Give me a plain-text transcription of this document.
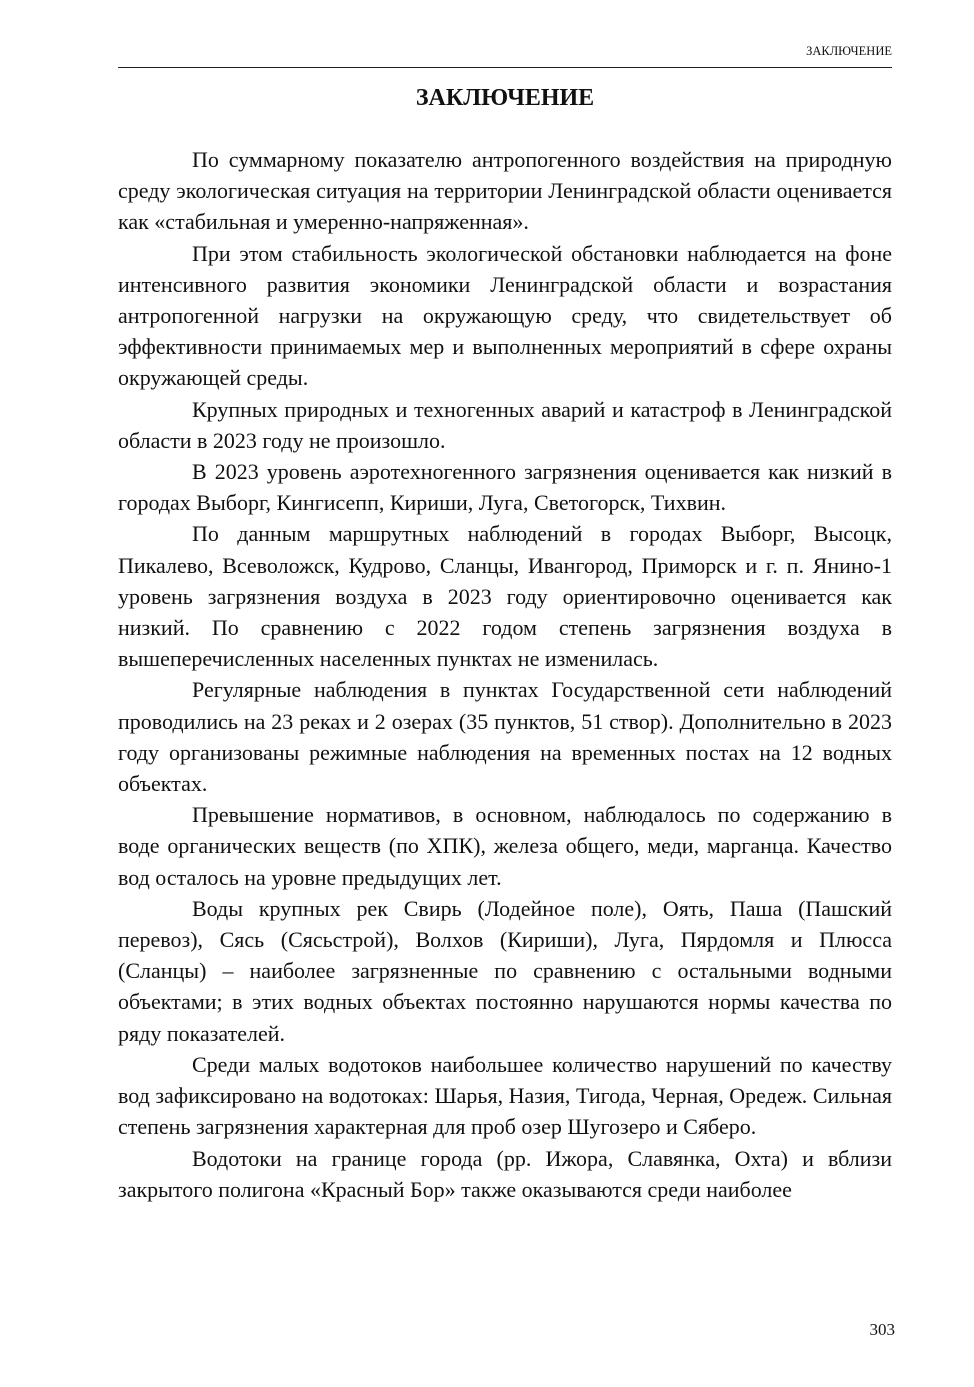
ЗАКЛЮЧЕНИЕ
ЗАКЛЮЧЕНИЕ

По суммарному показателю антропогенного воздействия на природную среду экологическая ситуация на территории Ленинградской области оценивается как «стабильная и умеренно-напряженная».

При этом стабильность экологической обстановки наблюдается на фоне интенсивного развития экономики Ленинградской области и возрастания антропогенной нагрузки на окружающую среду, что свидетельствует об эффективности принимаемых мер и выполненных мероприятий в сфере охраны окружающей среды.

Крупных природных и техногенных аварий и катастроф в Ленинградской области в 2023 году не произошло.

В 2023 уровень аэротехногенного загрязнения оценивается как низкий в городах Выборг, Кингисепп, Кириши, Луга, Светогорск, Тихвин.

По данным маршрутных наблюдений в городах Выборг, Высоцк, Пикалево, Всеволожск, Кудрово, Сланцы, Ивангород, Приморск и г. п. Янино-1 уровень загрязнения воздуха в 2023 году ориентировочно оценивается как низкий. По сравнению с 2022 годом степень загрязнения воздуха в вышеперечисленных населенных пунктах не изменилась.

Регулярные наблюдения в пунктах Государственной сети наблюдений проводились на 23 реках и 2 озерах (35 пунктов, 51 створ). Дополнительно в 2023 году организованы режимные наблюдения на временных постах на 12 водных объектах.

Превышение нормативов, в основном, наблюдалось по содержанию в воде органических веществ (по ХПК), железа общего, меди, марганца. Качество вод осталось на уровне предыдущих лет.

Воды крупных рек Свирь (Лодейное поле), Оять, Паша (Пашский перевоз), Сясь (Сясьстрой), Волхов (Кириши), Луга, Пярдомля и Плюсса (Сланцы) – наиболее загрязненные по сравнению с остальными водными объектами; в этих водных объектах постоянно нарушаются нормы качества по ряду показателей.

Среди малых водотоков наибольшее количество нарушений по качеству вод зафиксировано на водотоках: Шарья, Назия, Тигода, Черная, Оредеж. Сильная степень загрязнения характерная для проб озер Шугозеро и Сяберо.

Водотоки на границе города (рр. Ижора, Славянка, Охта) и вблизи закрытого полигона «Красный Бор» также оказываются среди наиболее

303
